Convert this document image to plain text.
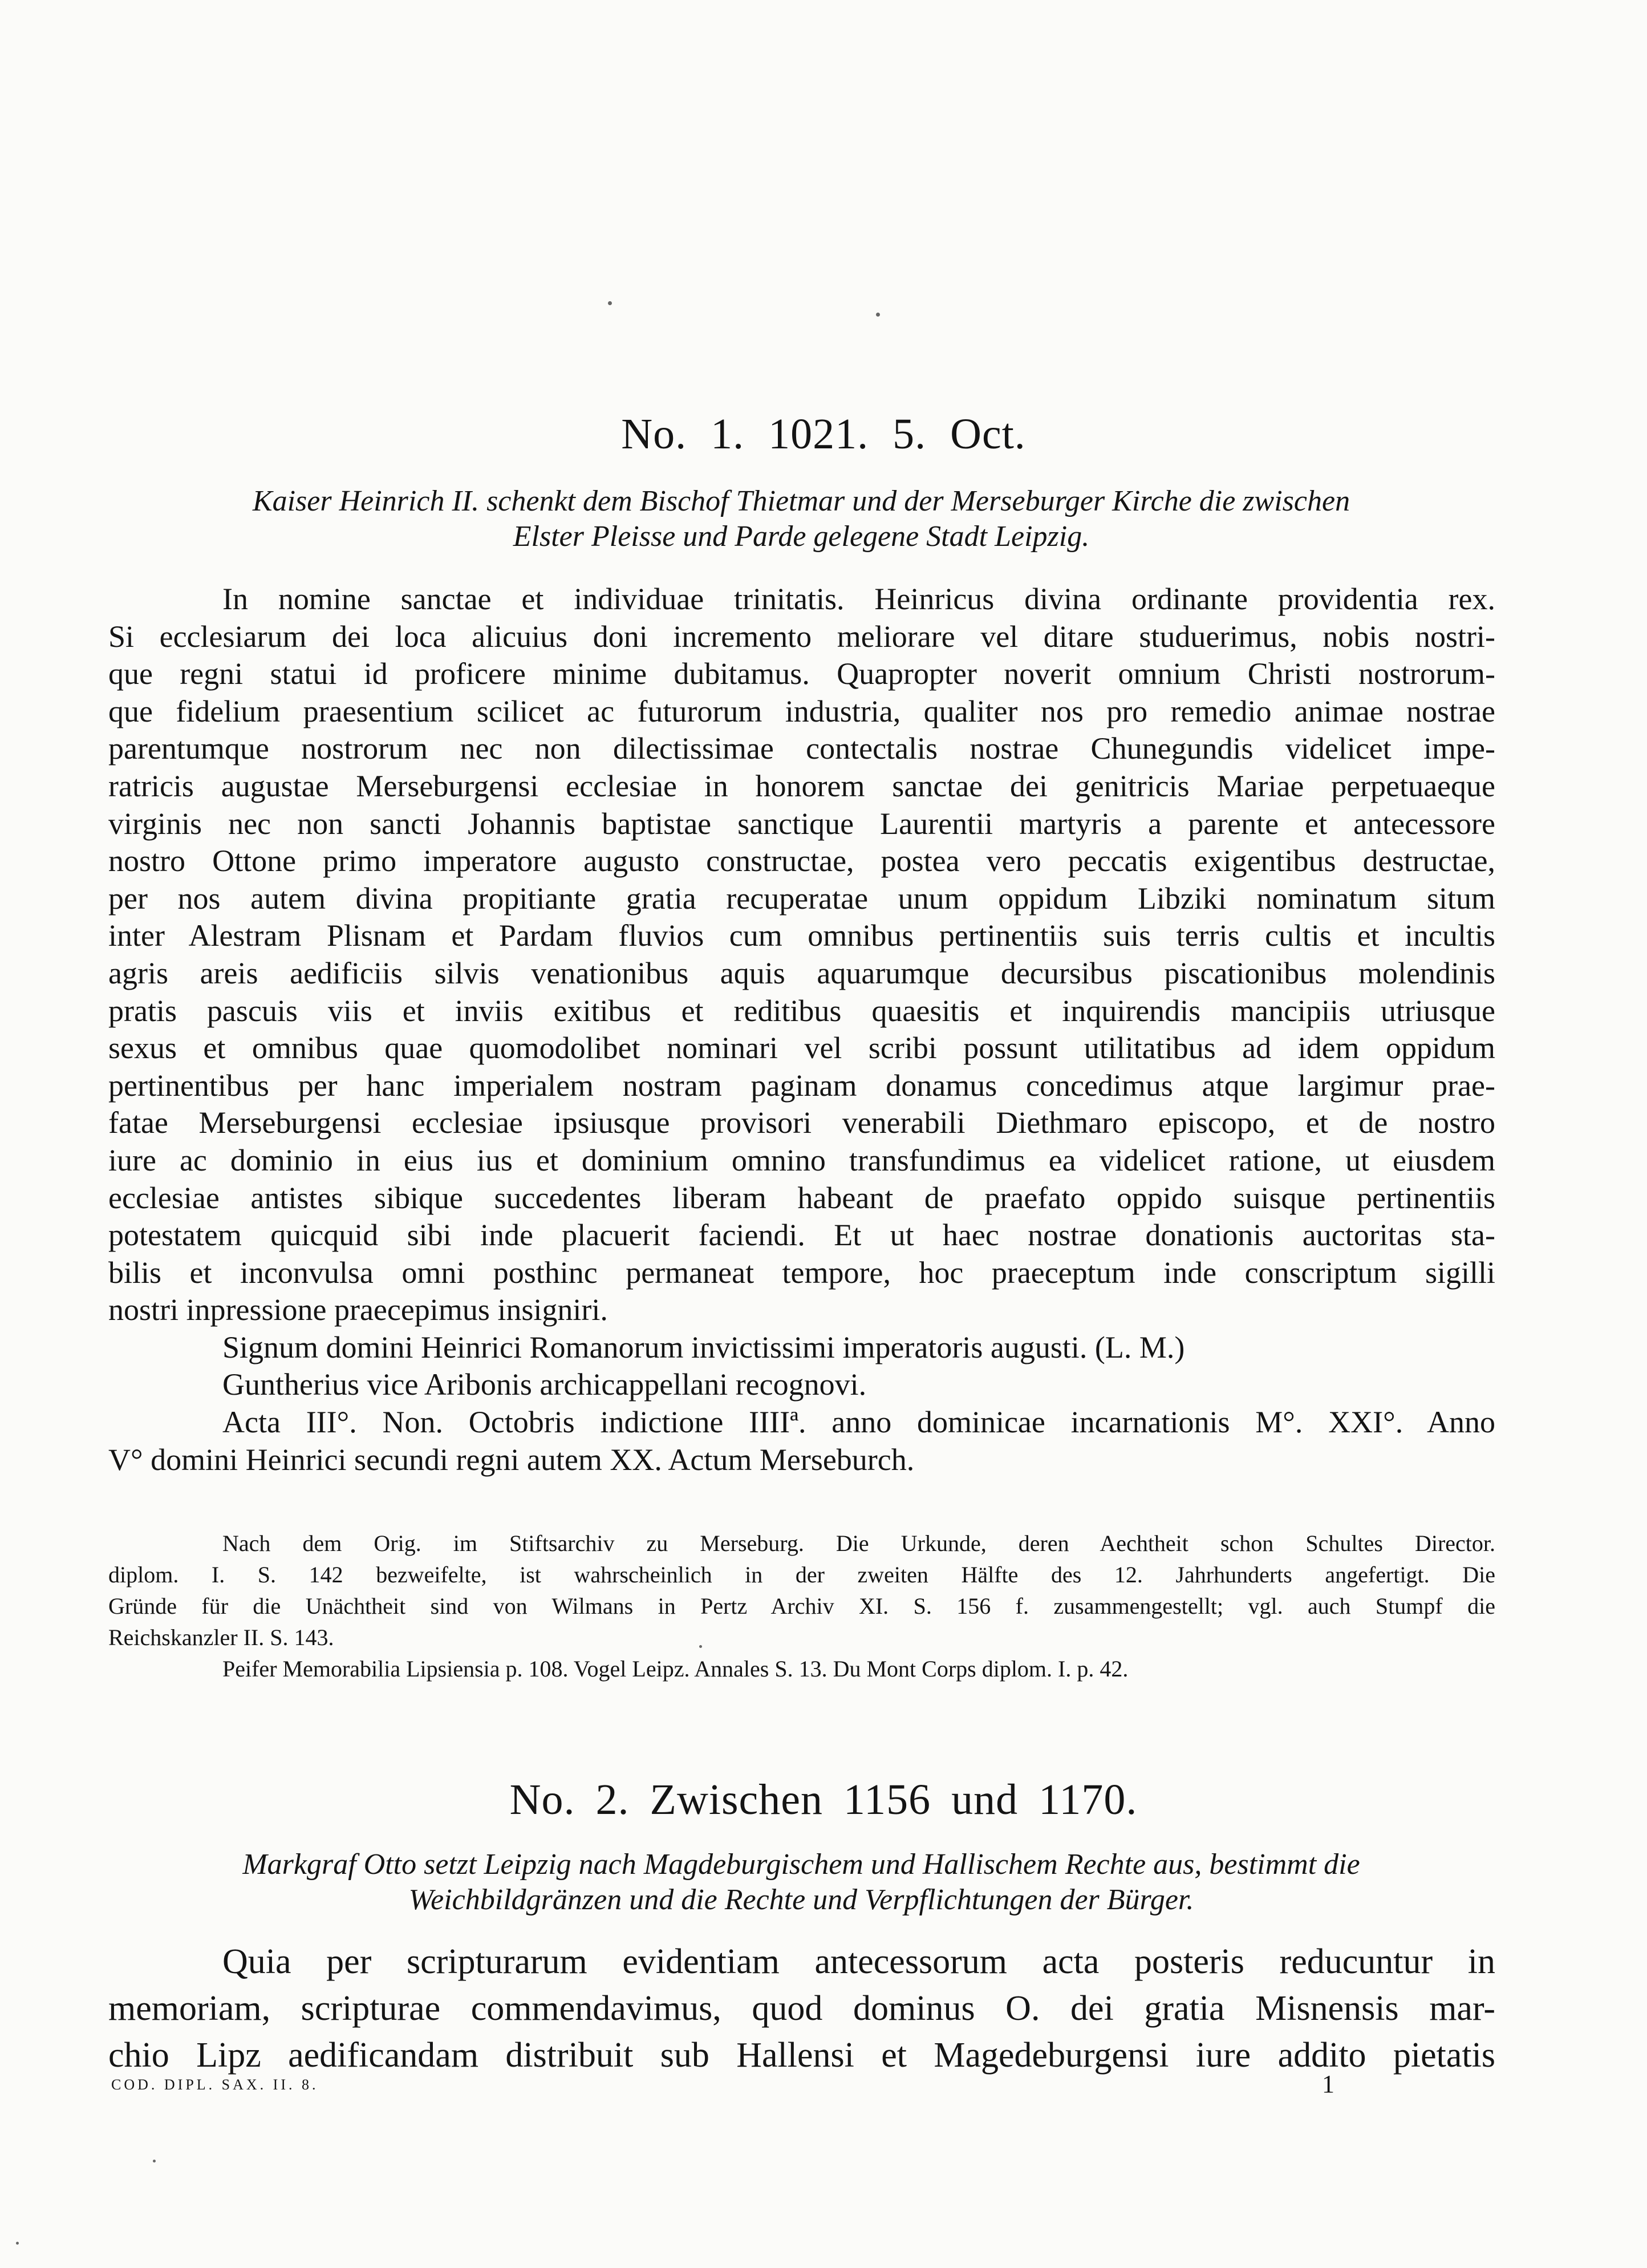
No. 1. 1021. 5. Oct.
Kaiser Heinrich II. schenkt dem Bischof Thietmar und der Merseburger Kirche die zwischen
Elster Pleisse und Parde gelegene Stadt Leipzig.
In nomine sanctae et individuae trinitatis. Heinricus divina ordinante providentia rex.
Si ecclesiarum dei loca alicuius doni incremento meliorare vel ditare studuerimus, nobis nostri-
que regni statui id proficere minime dubitamus. Quapropter noverit omnium Christi nostrorum-
que fidelium praesentium scilicet ac futurorum industria, qualiter nos pro remedio animae nostrae
parentumque nostrorum nec non dilectissimae contectalis nostrae Chunegundis videlicet impe-
ratricis augustae Merseburgensi ecclesiae in honorem sanctae dei genitricis Mariae perpetuaeque
virginis nec non sancti Johannis baptistae sanctique Laurentii martyris a parente et antecessore
nostro Ottone primo imperatore augusto constructae, postea vero peccatis exigentibus destructae,
per nos autem divina propitiante gratia recuperatae unum oppidum Libziki nominatum situm
inter Alestram Plisnam et Pardam fluvios cum omnibus pertinentiis suis terris cultis et incultis
agris areis aedificiis silvis venationibus aquis aquarumque decursibus piscationibus molendinis
pratis pascuis viis et inviis exitibus et reditibus quaesitis et inquirendis mancipiis utriusque
sexus et omnibus quae quomodolibet nominari vel scribi possunt utilitatibus ad idem oppidum
pertinentibus per hanc imperialem nostram paginam donamus concedimus atque largimur prae-
fatae Merseburgensi ecclesiae ipsiusque provisori venerabili Diethmaro episcopo, et de nostro
iure ac dominio in eius ius et dominium omnino transfundimus ea videlicet ratione, ut eiusdem
ecclesiae antistes sibique succedentes liberam habeant de praefato oppido suisque pertinentiis
potestatem quicquid sibi inde placuerit faciendi. Et ut haec nostrae donationis auctoritas sta-
bilis et inconvulsa omni posthinc permaneat tempore, hoc praeceptum inde conscriptum sigilli
nostri inpressione praecepimus insigniri.
Signum domini Heinrici Romanorum invictissimi imperatoris augusti. (L. M.)
Guntherius vice Aribonis archicappellani recognovi.
Acta III°. Non. Octobris indictione IIIIª. anno dominicae incarnationis M°. XXI°. Anno
V° domini Heinrici secundi regni autem XX. Actum Merseburch.
Nach dem Orig. im Stiftsarchiv zu Merseburg. Die Urkunde, deren Aechtheit schon Schultes Director.
diplom. I. S. 142 bezweifelte, ist wahrscheinlich in der zweiten Hälfte des 12. Jahrhunderts angefertigt. Die
Gründe für die Unächtheit sind von Wilmans in Pertz Archiv XI. S. 156 f. zusammengestellt; vgl. auch Stumpf die
Reichskanzler II. S. 143.
Peifer Memorabilia Lipsiensia p. 108. Vogel Leipz. Annales S. 13. Du Mont Corps diplom. I. p. 42.
No. 2. Zwischen 1156 und 1170.
Markgraf Otto setzt Leipzig nach Magdeburgischem und Hallischem Rechte aus, bestimmt die
Weichbildgränzen und die Rechte und Verpflichtungen der Bürger.
Quia per scripturarum evidentiam antecessorum acta posteris reducuntur in
memoriam, scripturae commendavimus, quod dominus O. dei gratia Misnensis mar-
chio Lipz aedificandam distribuit sub Hallensi et Magedeburgensi iure addito pietatis
COD. DIPL. SAX. II. 8.	1
